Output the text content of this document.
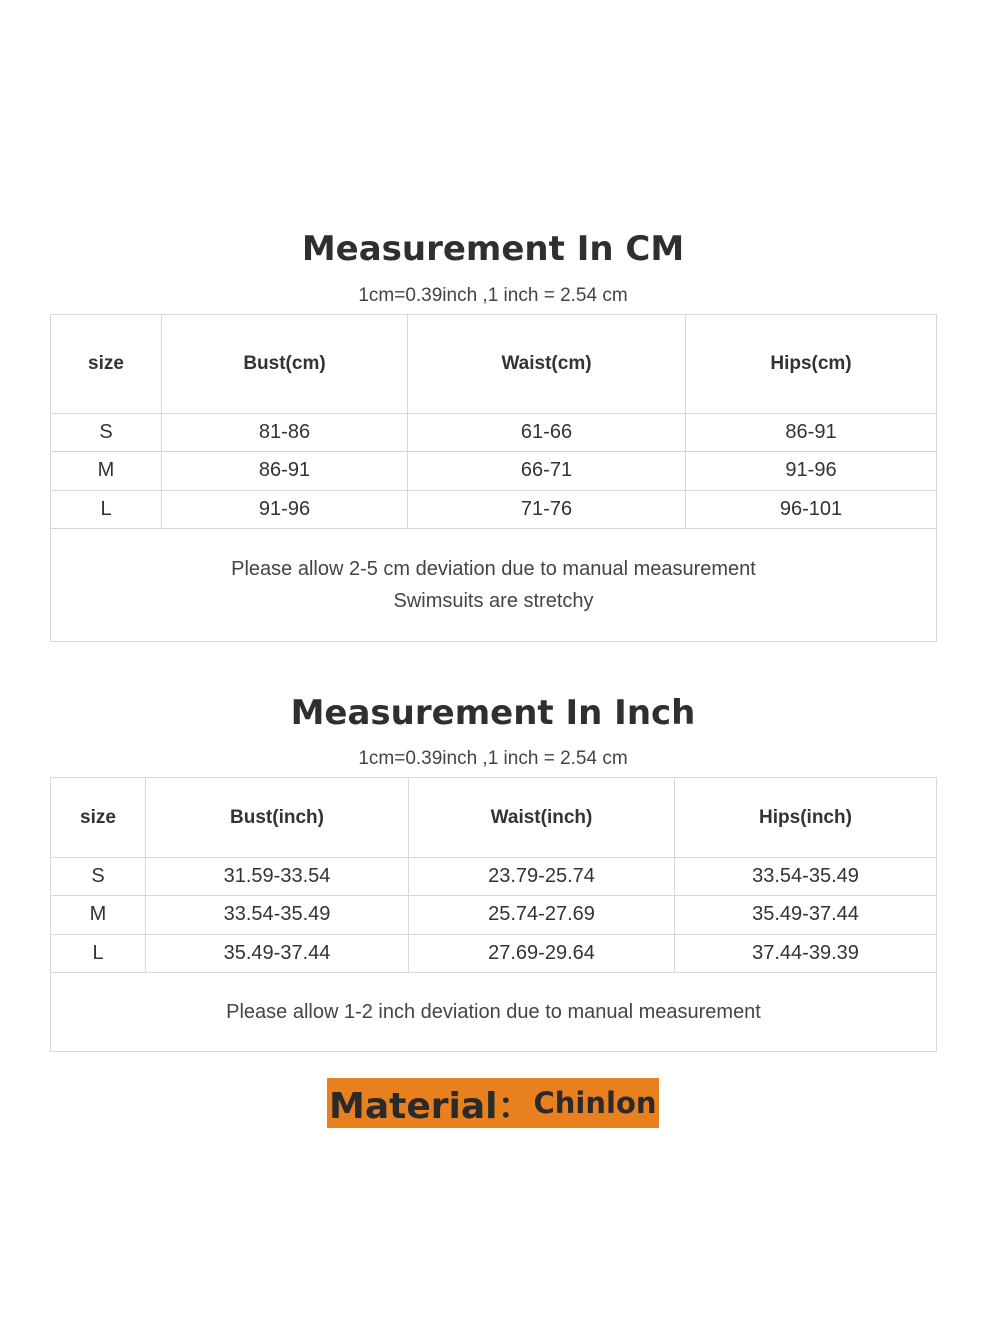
Measurement In CM
1cm=0.39inch ,1 inch = 2.54 cm
size	Bust(cm)	Waist(cm)	Hips(cm)
S	81-86	61-66	86-91
M	86-91	66-71	91-96
L	91-96	71-76	96-101

Please allow 2-5 cm deviation due to manual measurement
Swimsuits are stretchy			
Measurement In Inch
1cm=0.39inch ,1 inch = 2.54 cm
size	Bust(inch)	Waist(inch)	Hips(inch)
S	31.59-33.54	23.79-25.74	33.54-35.49
M	33.54-35.49	25.74-27.69	35.49-37.44
L	35.49-37.44	27.69-29.64	37.44-39.39

Please allow 1-2 inch deviation due to manual measurement			
Material： Chinlon
